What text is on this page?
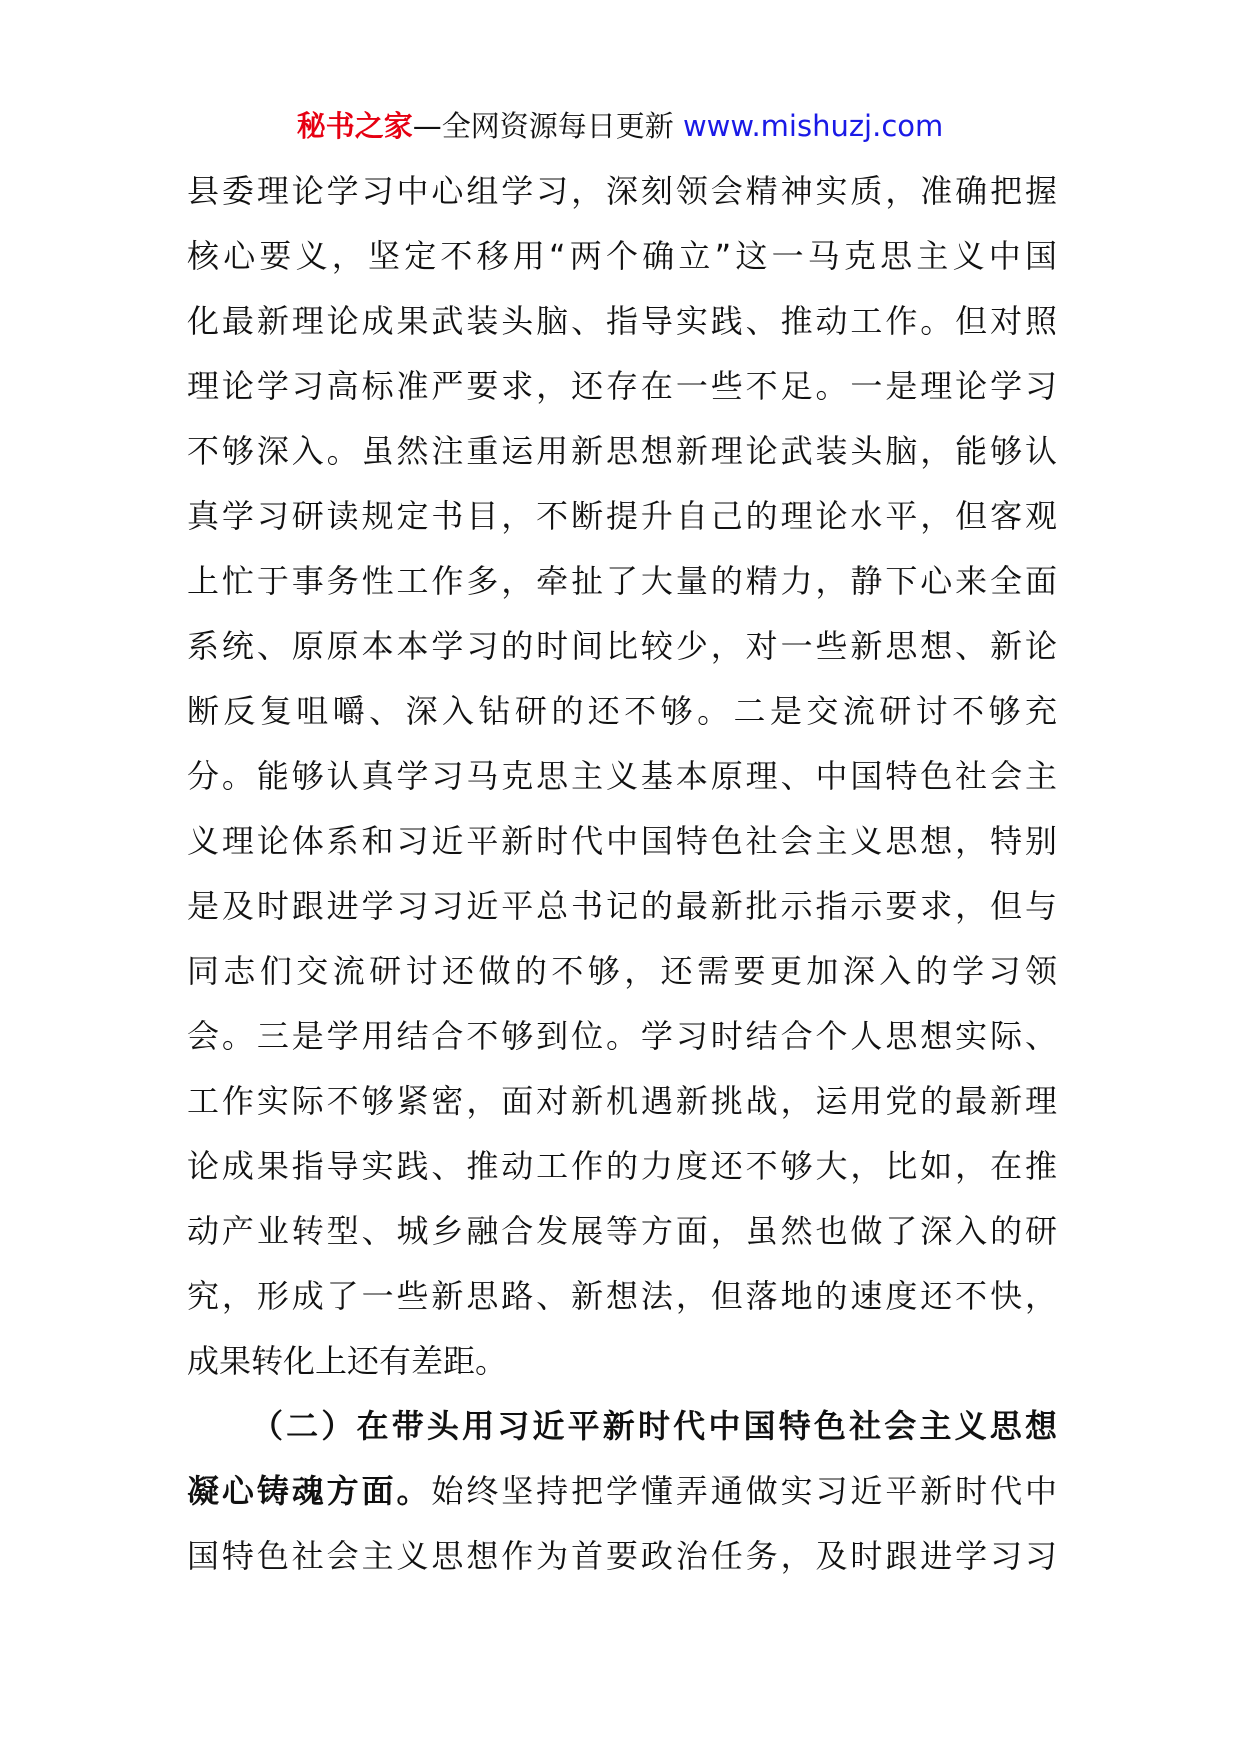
秘书之家—全网资源每日更新 www.mishuzj.com
县委理论学习中心组学习，深刻领会精神实质，准确把握
核心要义，坚定不移用“两个确立”这一马克思主义中国
化最新理论成果武装头脑、指导实践、推动工作。但对照
理论学习高标准严要求，还存在一些不足。一是理论学习
不够深入。虽然注重运用新思想新理论武装头脑，能够认
真学习研读规定书目，不断提升自己的理论水平，但客观
上忙于事务性工作多，牵扯了大量的精力，静下心来全面
系统、原原本本学习的时间比较少，对一些新思想、新论
断反复咀嚼、深入钻研的还不够。二是交流研讨不够充
分。能够认真学习马克思主义基本原理、中国特色社会主
义理论体系和习近平新时代中国特色社会主义思想，特别
是及时跟进学习习近平总书记的最新批示指示要求，但与
同志们交流研讨还做的不够，还需要更加深入的学习领
会。三是学用结合不够到位。学习时结合个人思想实际、
工作实际不够紧密，面对新机遇新挑战，运用党的最新理
论成果指导实践、推动工作的力度还不够大，比如，在推
动产业转型、城乡融合发展等方面，虽然也做了深入的研
究，形成了一些新思路、新想法，但落地的速度还不快，
成果转化上还有差距。
（二）在带头用习近平新时代中国特色社会主义思想
凝心铸魂方面。始终坚持把学懂弄通做实习近平新时代中
国特色社会主义思想作为首要政治任务，及时跟进学习习
